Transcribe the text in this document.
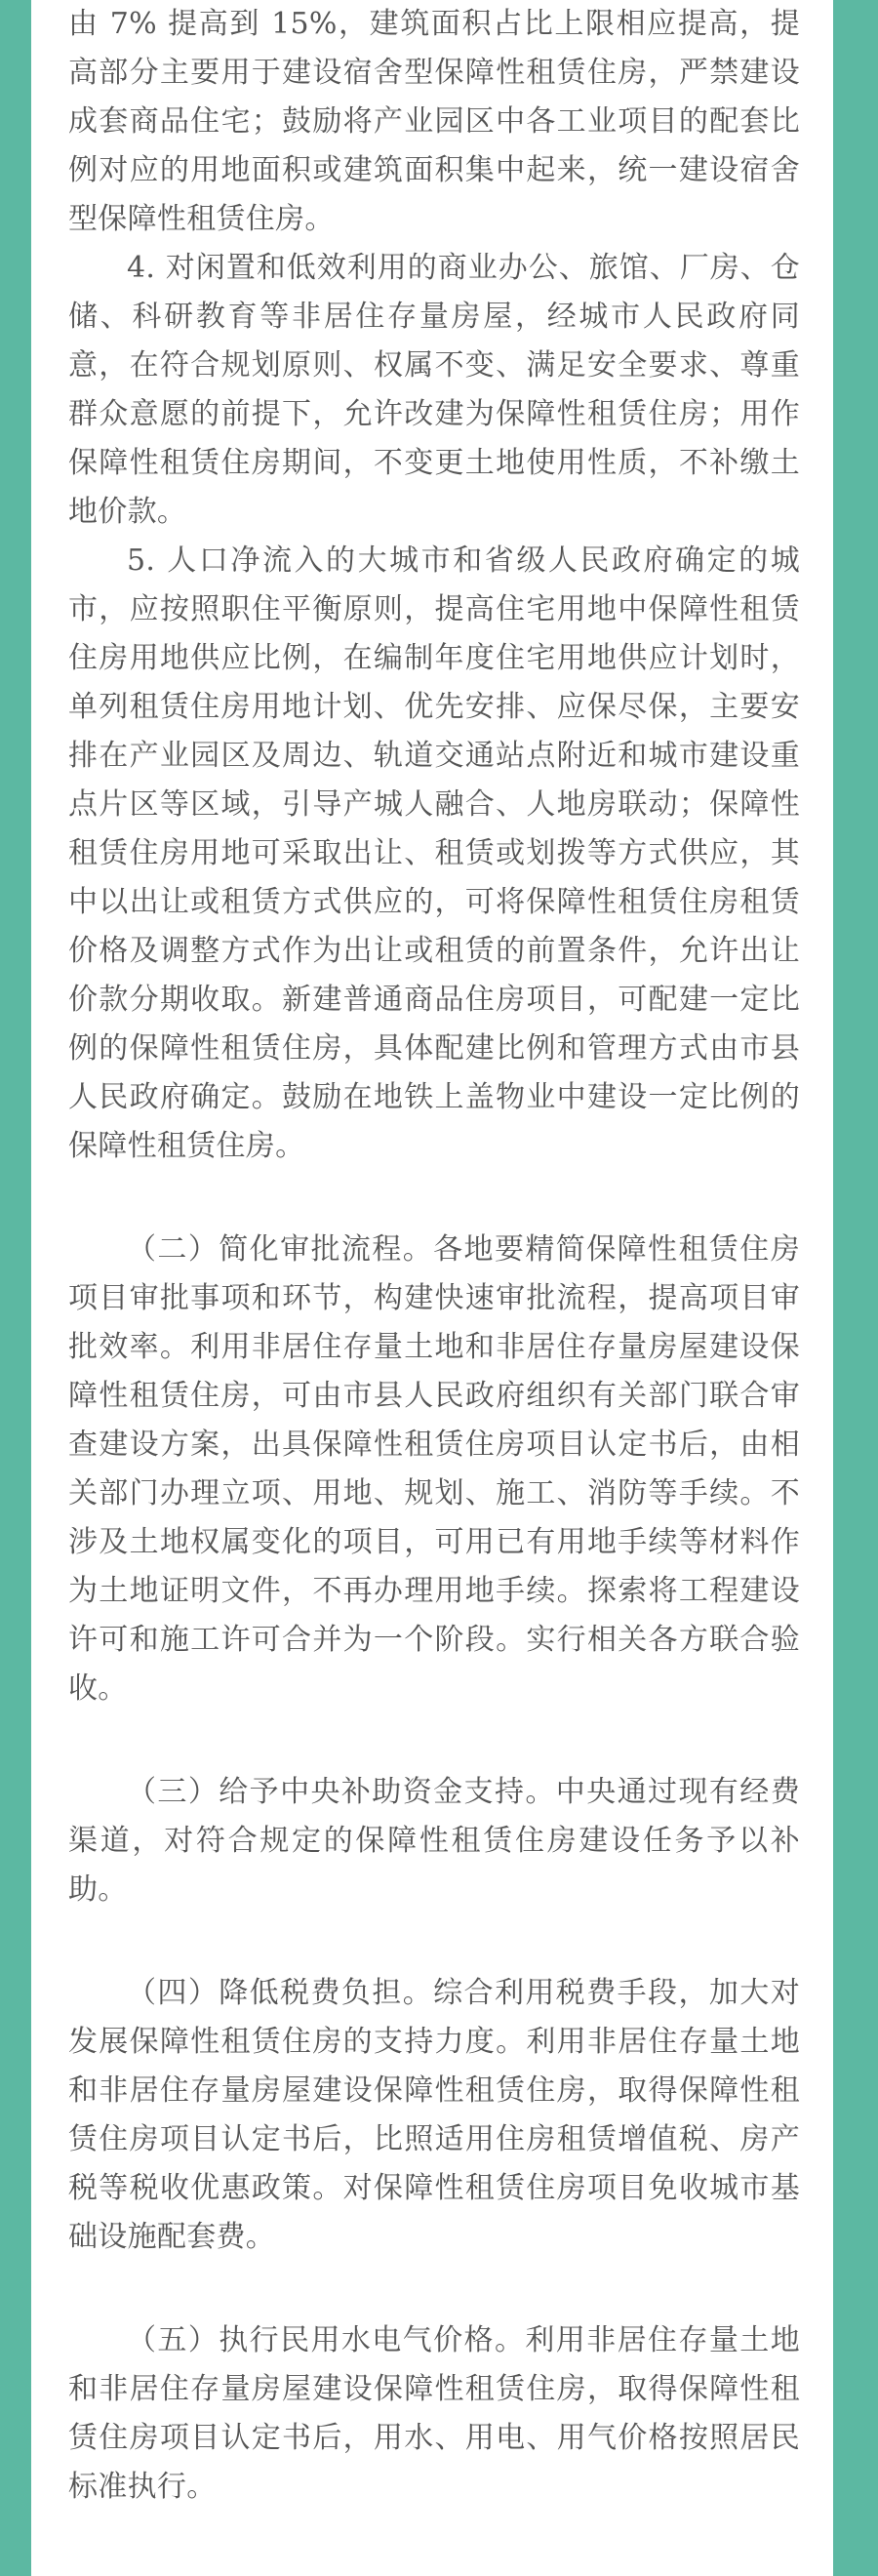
由 7% 提高到 15%，建筑面积占比上限相应提高，提高部分主要用于建设宿舍型保障性租赁住房，严禁建设成套商品住宅；鼓励将产业园区中各工业项目的配套比例对应的用地面积或建筑面积集中起来，统一建设宿舍型保障性租赁住房。

4. 对闲置和低效利用的商业办公、旅馆、厂房、仓储、科研教育等非居住存量房屋，经城市人民政府同意，在符合规划原则、权属不变、满足安全要求、尊重群众意愿的前提下，允许改建为保障性租赁住房；用作保障性租赁住房期间，不变更土地使用性质，不补缴土地价款。

5. 人口净流入的大城市和省级人民政府确定的城市，应按照职住平衡原则，提高住宅用地中保障性租赁住房用地供应比例，在编制年度住宅用地供应计划时，单列租赁住房用地计划、优先安排、应保尽保，主要安排在产业园区及周边、轨道交通站点附近和城市建设重点片区等区域，引导产城人融合、人地房联动；保障性租赁住房用地可采取出让、租赁或划拨等方式供应，其中以出让或租赁方式供应的，可将保障性租赁住房租赁价格及调整方式作为出让或租赁的前置条件，允许出让价款分期收取。新建普通商品住房项目，可配建一定比例的保障性租赁住房，具体配建比例和管理方式由市县人民政府确定。鼓励在地铁上盖物业中建设一定比例的保障性租赁住房。

（二）简化审批流程。各地要精简保障性租赁住房项目审批事项和环节，构建快速审批流程，提高项目审批效率。利用非居住存量土地和非居住存量房屋建设保障性租赁住房，可由市县人民政府组织有关部门联合审查建设方案，出具保障性租赁住房项目认定书后，由相关部门办理立项、用地、规划、施工、消防等手续。不涉及土地权属变化的项目，可用已有用地手续等材料作为土地证明文件，不再办理用地手续。探索将工程建设许可和施工许可合并为一个阶段。实行相关各方联合验收。

（三）给予中央补助资金支持。中央通过现有经费渠道，对符合规定的保障性租赁住房建设任务予以补助。

（四）降低税费负担。综合利用税费手段，加大对发展保障性租赁住房的支持力度。利用非居住存量土地和非居住存量房屋建设保障性租赁住房，取得保障性租赁住房项目认定书后，比照适用住房租赁增值税、房产税等税收优惠政策。对保障性租赁住房项目免收城市基础设施配套费。

（五）执行民用水电气价格。利用非居住存量土地和非居住存量房屋建设保障性租赁住房，取得保障性租赁住房项目认定书后，用水、用电、用气价格按照居民标准执行。
